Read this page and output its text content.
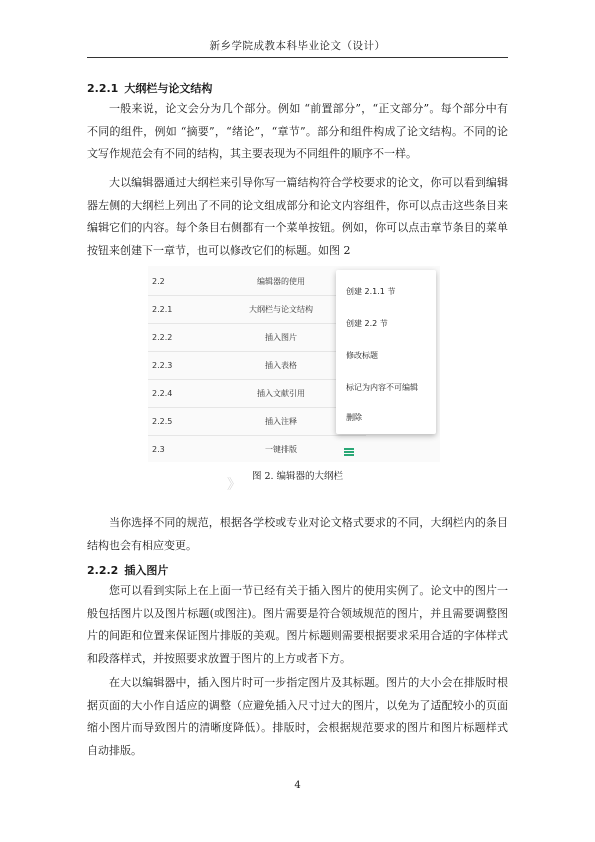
新乡学院成教本科毕业论文（设计）
2.2.1 大纲栏与论文结构

一般来说，论文会分为几个部分。例如 “前置部分”，“正文部分”。每个部分中有不同的组件，例如 “摘要”，“绪论”，“章节”。部分和组件构成了论文结构。不同的论文写作规范会有不同的结构，其主要表现为不同组件的顺序不一样。

大以编辑器通过大纲栏来引导你写一篇结构符合学校要求的论文，你可以看到编辑器左侧的大纲栏上列出了不同的论文组成部分和论文内容组件，你可以点击这些条目来编辑它们的内容。每个条目右侧都有一个菜单按钮。例如，你可以点击章节条目的菜单按钮来创建下一章节，也可以修改它们的标题。如图 2

2.2	编辑器的使用
2.2.1	大纲栏与论文结构
2.2.2	插入图片
2.2.3	插入表格
2.2.4	插入文献引用
2.2.5	插入注释
2.3	一键排版
创建 2.1.1 节
创建 2.2 节
修改标题
标记为内容不可编辑
删除
》
图 2. 编辑器的大纲栏

当你选择不同的规范，根据各学校或专业对论文格式要求的不同，大纲栏内的条目结构也会有相应变更。

2.2.2 插入图片

您可以看到实际上在上面一节已经有关于插入图片的使用实例了。论文中的图片一般包括图片以及图片标题(或图注)。图片需要是符合领域规范的图片，并且需要调整图片的间距和位置来保证图片排版的美观。图片标题则需要根据要求采用合适的字体样式和段落样式，并按照要求放置于图片的上方或者下方。

在大以编辑器中，插入图片时可一步指定图片及其标题。图片的大小会在排版时根据页面的大小作自适应的调整（应避免插入尺寸过大的图片，以免为了适配较小的页面缩小图片而导致图片的清晰度降低）。排版时，会根据规范要求的图片和图片标题样式自动排版。

4
